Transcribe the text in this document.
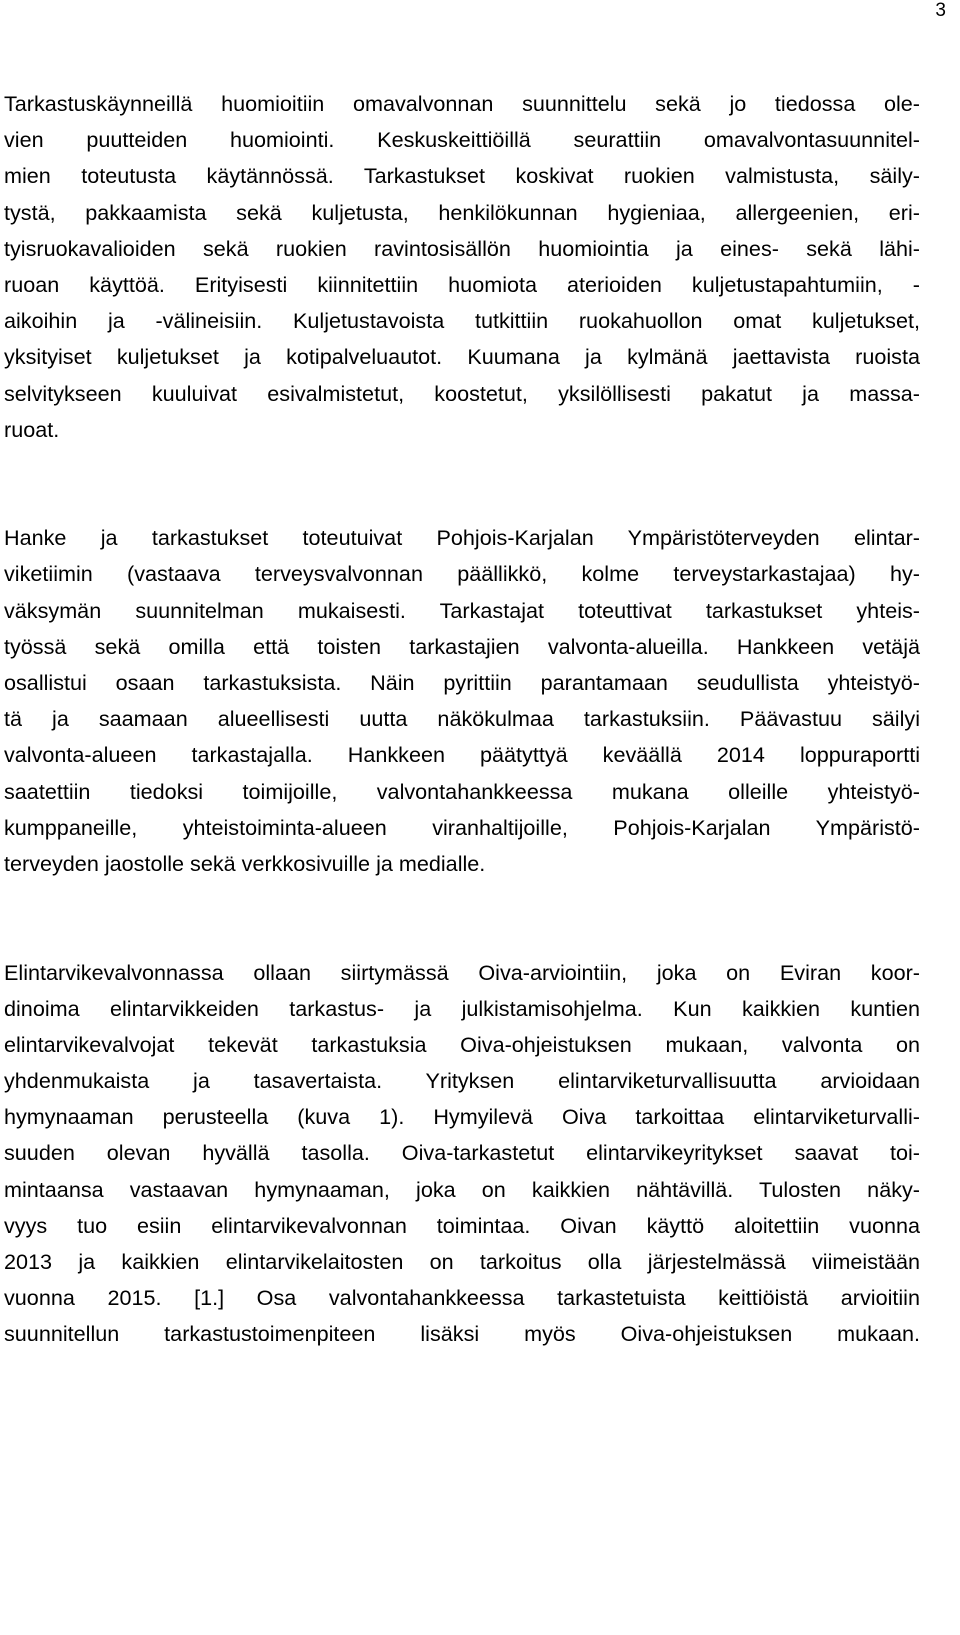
3
Tarkastuskäynneillä huomioitiin omavalvonnan suunnittelu sekä jo tiedossa ole-
vien puutteiden huomiointi. Keskuskeittiöillä seurattiin omavalvontasuunnitel-
mien toteutusta käytännössä. Tarkastukset koskivat ruokien valmistusta, säily-
tystä, pakkaamista sekä kuljetusta, henkilökunnan hygieniaa, allergeenien, eri-
tyisruokavalioiden sekä ruokien ravintosisällön huomiointia ja eines- sekä lähi-
ruoan käyttöä. Erityisesti kiinnitettiin huomiota aterioiden kuljetustapahtumiin, -
aikoihin ja -välineisiin. Kuljetustavoista tutkittiin ruokahuollon omat kuljetukset,
yksityiset kuljetukset ja kotipalveluautot. Kuumana ja kylmänä jaettavista ruoista
selvitykseen kuuluivat esivalmistetut, koostetut, yksilöllisesti pakatut ja massa-
ruoat.
Hanke ja tarkastukset toteutuivat Pohjois-Karjalan Ympäristöterveyden elintar-
viketiimin (vastaava terveysvalvonnan päällikkö, kolme terveystarkastajaa) hy-
väksymän suunnitelman mukaisesti. Tarkastajat toteuttivat tarkastukset yhteis-
työssä sekä omilla että toisten tarkastajien valvonta-alueilla. Hankkeen vetäjä
osallistui osaan tarkastuksista. Näin pyrittiin parantamaan seudullista yhteistyö-
tä ja saamaan alueellisesti uutta näkökulmaa tarkastuksiin. Päävastuu säilyi
valvonta-alueen tarkastajalla. Hankkeen päätyttyä keväällä 2014 loppuraportti
saatettiin tiedoksi toimijoille, valvontahankkeessa mukana olleille yhteistyö-
kumppaneille, yhteistoiminta-alueen viranhaltijoille, Pohjois-Karjalan Ympäristö-
terveyden jaostolle sekä verkkosivuille ja medialle.
Elintarvikevalvonnassa ollaan siirtymässä Oiva-arviointiin, joka on Eviran koor-
dinoima elintarvikkeiden tarkastus- ja julkistamisohjelma. Kun kaikkien kuntien
elintarvikevalvojat tekevät tarkastuksia Oiva-ohjeistuksen mukaan, valvonta on
yhdenmukaista ja tasavertaista. Yrityksen elintarviketurvallisuutta arvioidaan
hymynaaman perusteella (kuva 1). Hymyilevä Oiva tarkoittaa elintarviketurvalli-
suuden olevan hyvällä tasolla. Oiva-tarkastetut elintarvikeyritykset saavat toi-
mintaansa vastaavan hymynaaman, joka on kaikkien nähtävillä. Tulosten näky-
vyys tuo esiin elintarvikevalvonnan toimintaa. Oivan käyttö aloitettiin vuonna
2013 ja kaikkien elintarvikelaitosten on tarkoitus olla järjestelmässä viimeistään
vuonna 2015. [1.] Osa valvontahankkeessa tarkastetuista keittiöistä arvioitiin
suunnitellun tarkastustoimenpiteen lisäksi myös Oiva-ohjeistuksen mukaan.
